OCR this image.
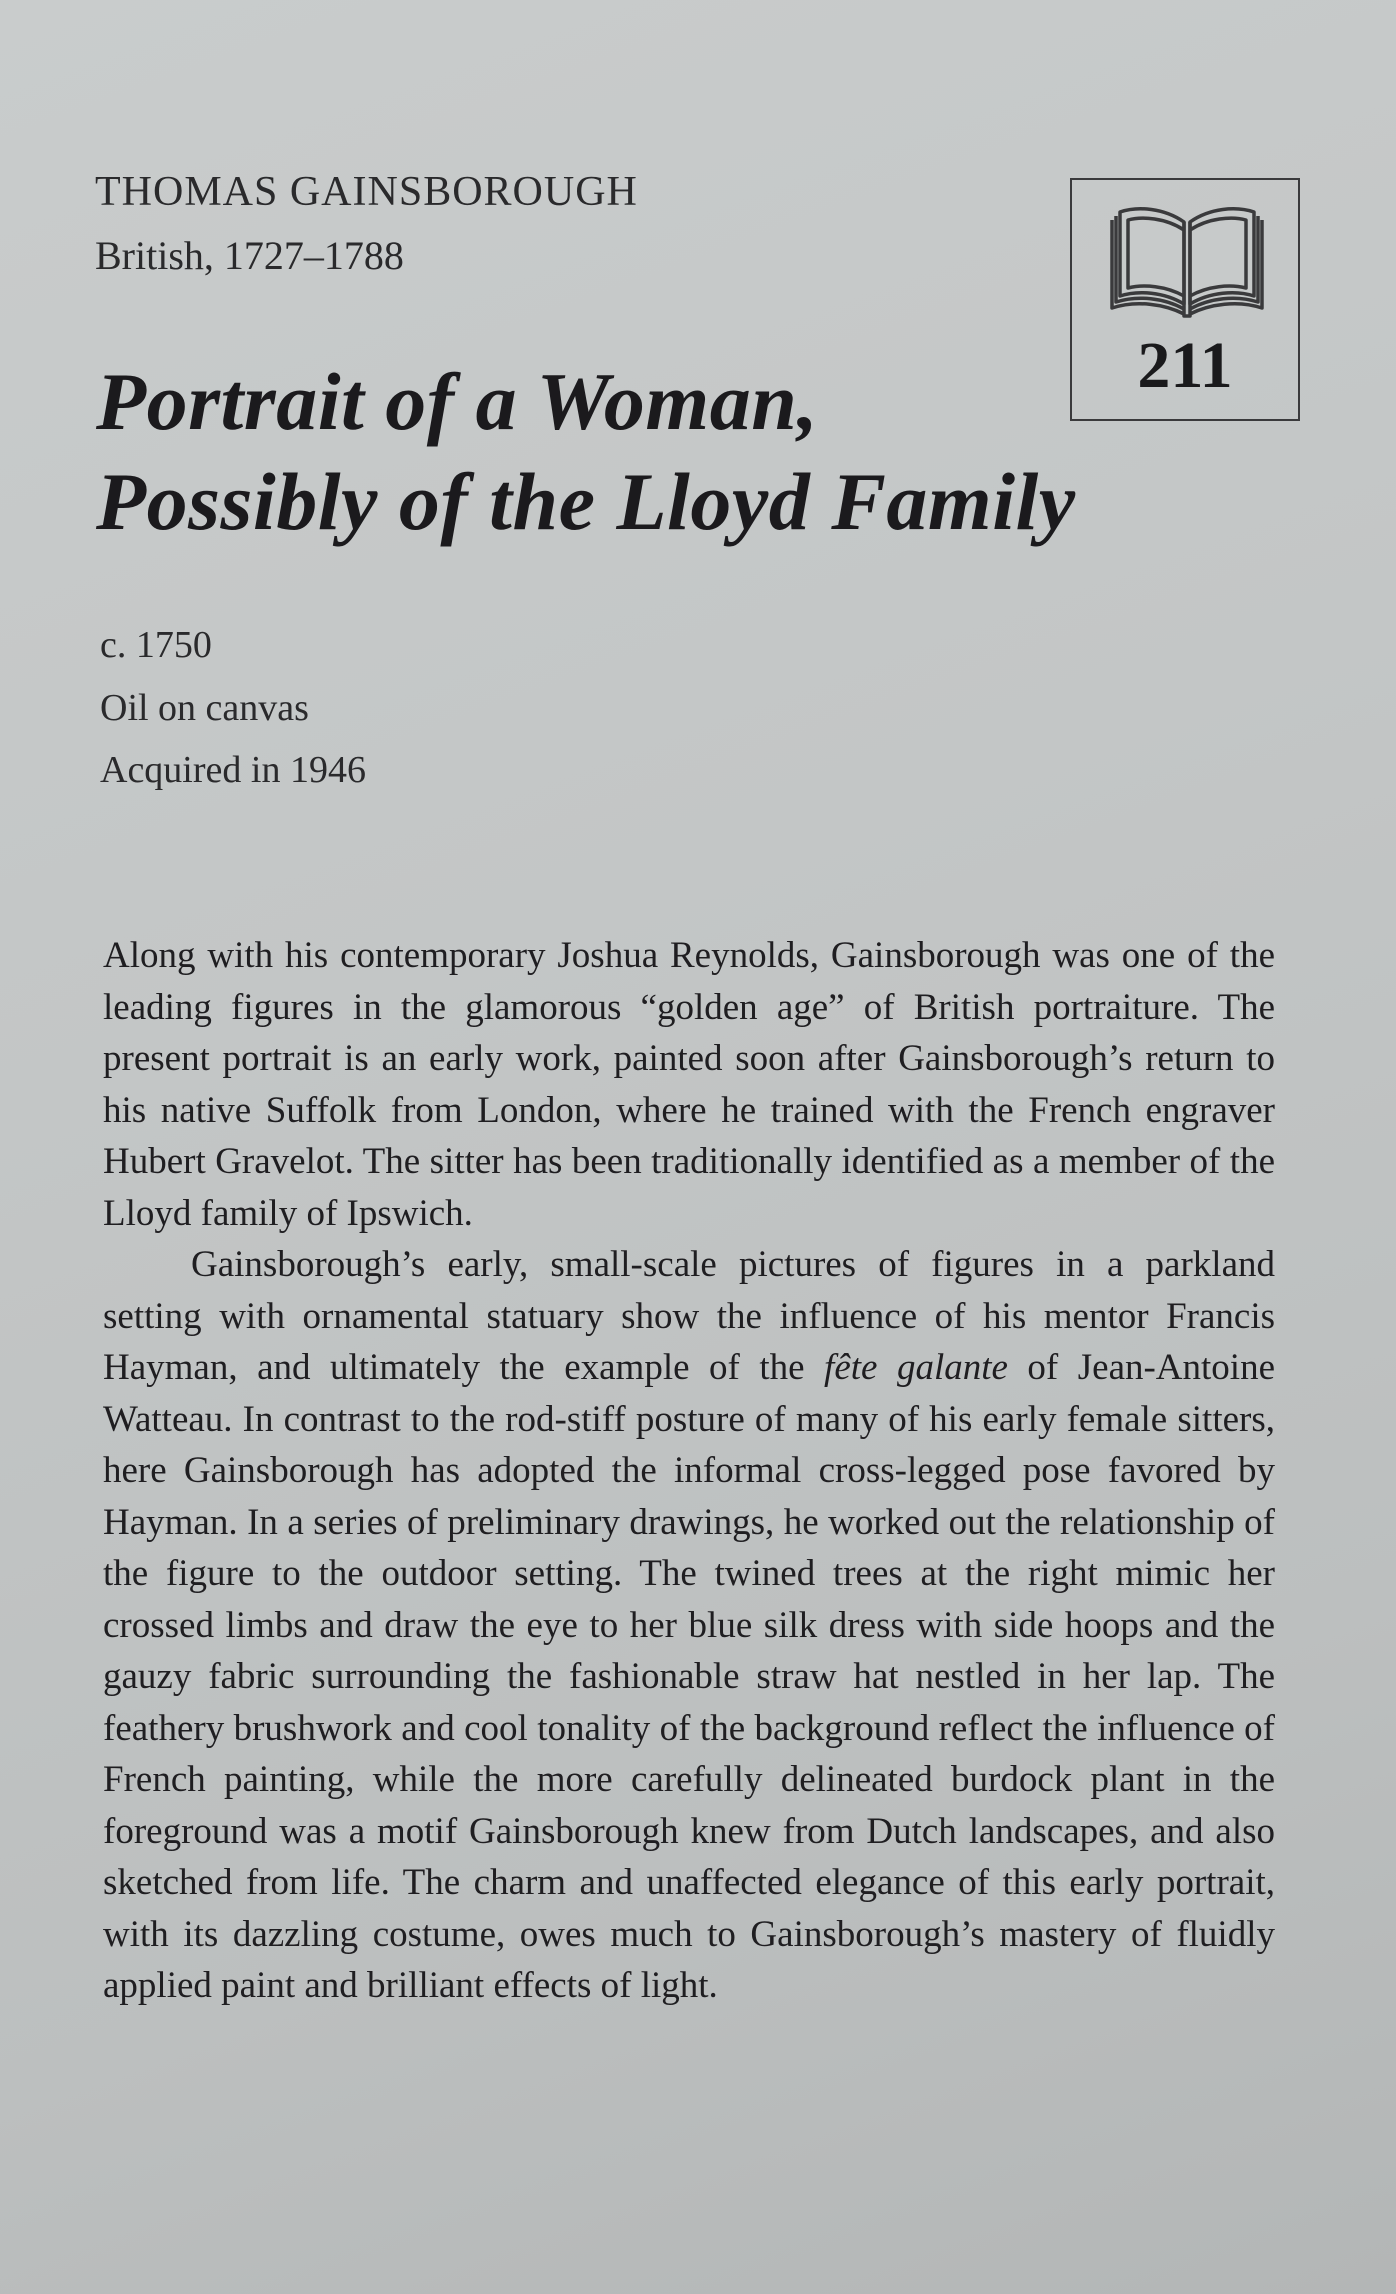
THOMAS GAINSBOROUGH
British, 1727–1788
211
Portrait of a Woman,
Possibly of the Lloyd Family
c. 1750
Oil on canvas
Acquired in 1946

Along with his contemporary Joshua Reynolds, Gainsborough was one of the leading figures in the glamorous “golden age” of British portraiture. The present portrait is an early work, painted soon after Gainsborough’s return to his native Suffolk from London, where he trained with the French engraver Hubert Gravelot. The sitter has been traditionally identified as a member of the Lloyd family of Ipswich.

Gainsborough’s early, small-scale pictures of figures in a parkland setting with ornamental statuary show the influence of his mentor Francis Hayman, and ultimately the example of the fête galante of Jean-Antoine Watteau. In contrast to the rod-stiff posture of many of his early female sitters, here Gainsborough has adopted the informal cross-legged pose favored by Hayman. In a series of preliminary drawings, he worked out the relationship of the figure to the outdoor setting. The twined trees at the right mimic her crossed limbs and draw the eye to her blue silk dress with side hoops and the gauzy fabric surrounding the fashionable straw hat nestled in her lap. The feathery brushwork and cool tonality of the background reflect the influence of French painting, while the more carefully delineated burdock plant in the foreground was a motif Gainsborough knew from Dutch landscapes, and also sketched from life. The charm and unaffected elegance of this early portrait, with its dazzling costume, owes much to Gainsborough’s mastery of fluidly applied paint and brilliant effects of light.
